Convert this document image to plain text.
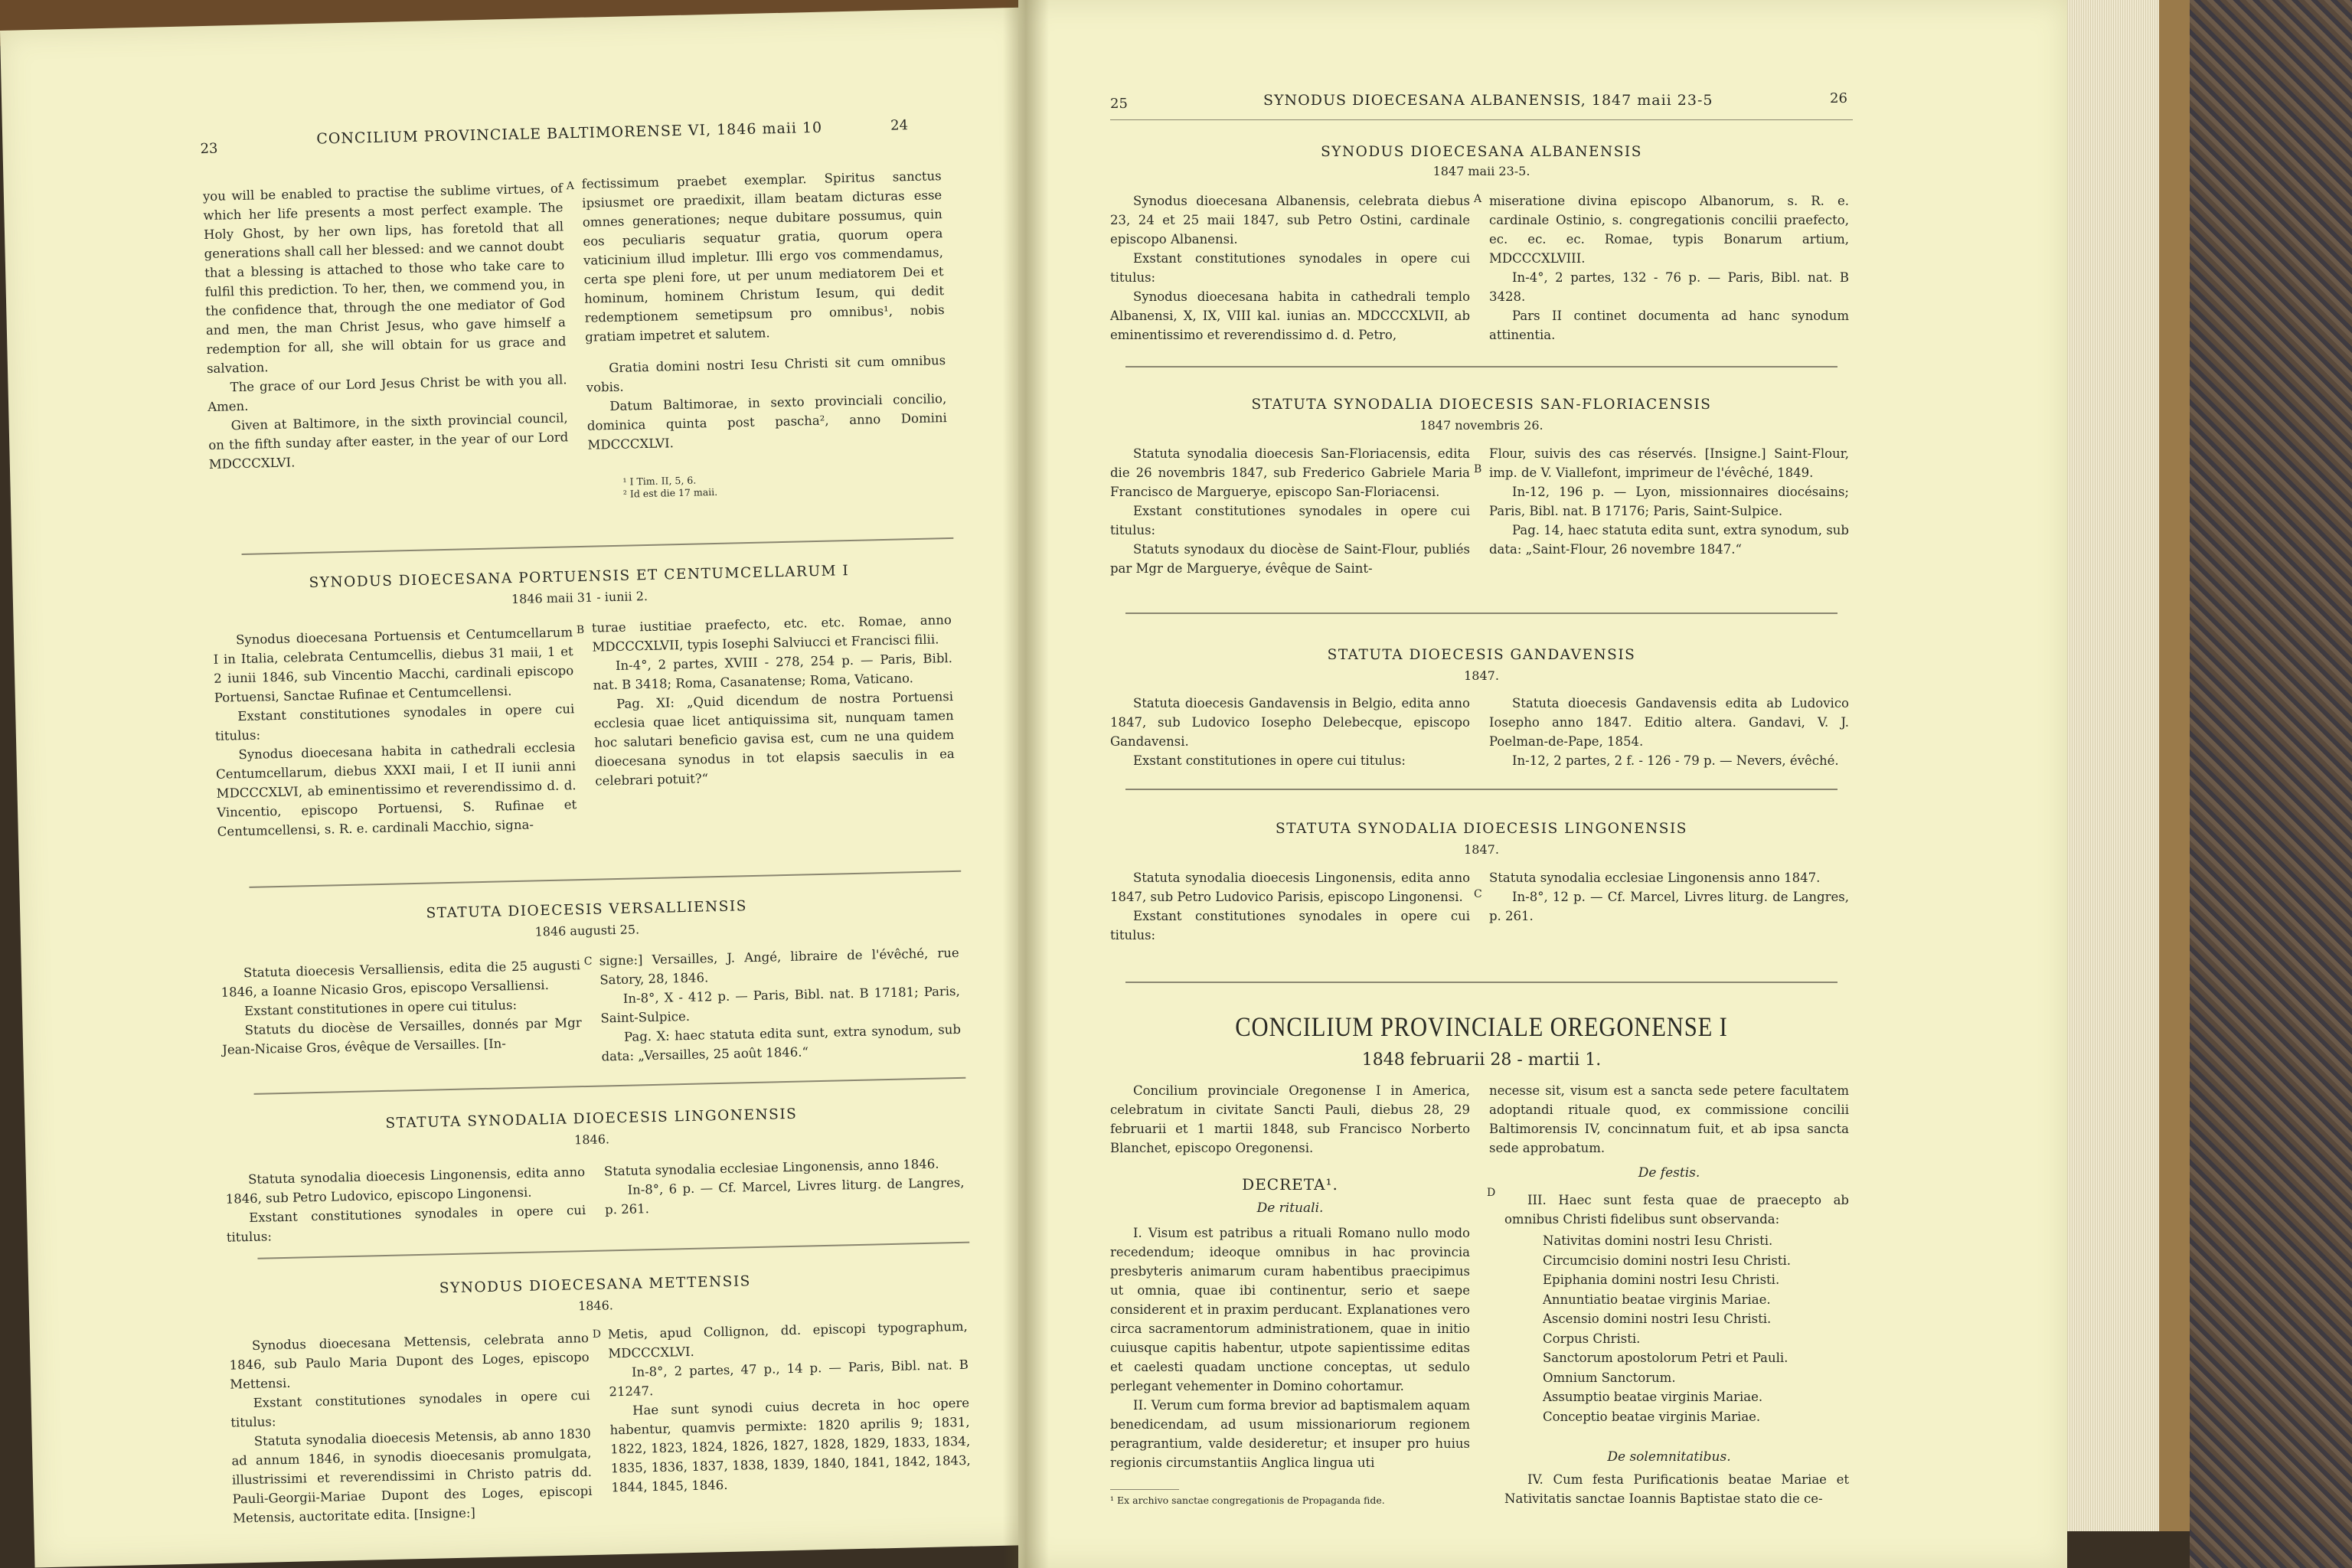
23
CONCILIUM PROVINCIALE BALTIMORENSE VI, 1846 maii 10	24
you will be enabled to practise the sublime virtues, of which her life presents a most perfect example. The Holy Ghost, by her own lips, has foretold that all generations shall call her blessed: and we cannot doubt that a blessing is attached to those who take care to fulfil this prediction. To her, then, we commend you, in the confidence that, through the one mediator of God and men, the man Christ Jesus, who gave himself a redemption for all, she will obtain for us grace and salvation.
The grace of our Lord Jesus Christ be with you all. Amen.
Given at Baltimore, in the sixth provincial council, on the fifth sunday after easter, in the year of our Lord MDCCCXLVI.
A fectissimum praebet exemplar. Spiritus sanctus ipsiusmet ore praedixit, illam beatam dicturas esse omnes generationes; neque dubitare possumus, quin eos peculiaris sequatur gratia, quorum opera vaticinium illud impletur. Illi ergo vos commendamus, certa spe pleni fore, ut per unum mediatorem Dei et hominum, hominem Christum Iesum, qui dedit redemptionem semetipsum pro omnibus¹, nobis gratiam impetret et salutem.
Gratia domini nostri Iesu Christi sit cum omnibus vobis.
Datum Baltimorae, in sexto provinciali concilio, dominica quinta post pascha², anno Domini MDCCCXLVI.
¹ I Tim. II, 5, 6.
² Id est die 17 maii.
SYNODUS DIOECESANA PORTUENSIS ET CENTUMCELLARUM I
1846 maii 31 - iunii 2.
Synodus dioecesana Portuensis et Centumcellarum I in Italia, celebrata Centumcellis, diebus 31 maii, 1 et 2 iunii 1846, sub Vincentio Macchi, cardinali episcopo Portuensi, Sanctae Rufinae et Centumcellensi.
Exstant constitutiones synodales in opere cui titulus:
Synodus dioecesana habita in cathedrali ecclesia Centumcellarum, diebus XXXI maii, I et II iunii anni MDCCCXLVI, ab eminentissimo et reverendissimo d. d. Vincentio, episcopo Portuensi, S. Rufinae et Centumcellensi, s. R. e. cardinali Macchio, signa-
B turae iustitiae praefecto, etc. etc. Romae, anno MDCCCXLVII, typis Iosephi Salviucci et Francisci filii.
In-4°, 2 partes, XVIII - 278, 254 p. — Paris, Bibl. nat. B 3418; Roma, Casanatense; Roma, Vaticano.
Pag. XI: „Quid dicendum de nostra Portuensi ecclesia quae licet antiquissima sit, nunquam tamen hoc salutari beneficio gavisa est, cum ne una quidem dioecesana synodus in tot elapsis saeculis in ea celebrari potuit?“
STATUTA DIOECESIS VERSALLIENSIS
1846 augusti 25.
Statuta dioecesis Versalliensis, edita die 25 augusti 1846, a Ioanne Nicasio Gros, episcopo Versalliensi.
Exstant constitutiones in opere cui titulus:
Statuts du diocèse de Versailles, donnés par Mgr Jean-Nicaise Gros, évêque de Versailles. [In-
C signe:] Versailles, J. Angé, libraire de l'évêché, rue Satory, 28, 1846.
In-8°, X - 412 p. — Paris, Bibl. nat. B 17181; Paris, Saint-Sulpice.
Pag. X: haec statuta edita sunt, extra synodum, sub data: „Versailles, 25 août 1846.“
STATUTA SYNODALIA DIOECESIS LINGONENSIS
1846.
Statuta synodalia dioecesis Lingonensis, edita anno 1846, sub Petro Ludovico, episcopo Lingonensi.
Exstant constitutiones synodales in opere cui titulus:
Statuta synodalia ecclesiae Lingonensis, anno 1846.
In-8°, 6 p. — Cf. Marcel, Livres liturg. de Langres, p. 261.
SYNODUS DIOECESANA METTENSIS
1846.
Synodus dioecesana Mettensis, celebrata anno 1846, sub Paulo Maria Dupont des Loges, episcopo Mettensi.
Exstant constitutiones synodales in opere cui titulus:
Statuta synodalia dioecesis Metensis, ab anno 1830 ad annum 1846, in synodis dioecesanis promulgata, illustrissimi et reverendissimi in Christo patris dd. Pauli-Georgii-Mariae Dupont des Loges, episcopi Metensis, auctoritate edita. [Insigne:]
D Metis, apud Collignon, dd. episcopi typographum, MDCCCXLVI.
In-8°, 2 partes, 47 p., 14 p. — Paris, Bibl. nat. B 21247.
Hae sunt synodi cuius decreta in hoc opere habentur, quamvis permixte: 1820 aprilis 9; 1831, 1822, 1823, 1824, 1826, 1827, 1828, 1829, 1833, 1834, 1835, 1836, 1837, 1838, 1839, 1840, 1841, 1842, 1843, 1844, 1845, 1846.
25	SYNODUS DIOECESANA ALBANENSIS, 1847 maii 23-5	26
SYNODUS DIOECESANA ALBANENSIS
1847 maii 23-5.
Synodus dioecesana Albanensis, celebrata diebus 23, 24 et 25 maii 1847, sub Petro Ostini, cardinale episcopo Albanensi.
Exstant constitutiones synodales in opere cui titulus:
Synodus dioecesana habita in cathedrali templo Albanensi, X, IX, VIII kal. iunias an. MDCCCXLVII, ab eminentissimo et reverendissimo d. d. Petro,
A miseratione divina episcopo Albanorum, s. R. e. cardinale Ostinio, s. congregationis concilii praefecto, ec. ec. ec. Romae, typis Bonarum artium, MDCCCXLVIII.
In-4°, 2 partes, 132 - 76 p. — Paris, Bibl. nat. B 3428.
Pars II continet documenta ad hanc synodum attinentia.
STATUTA SYNODALIA DIOECESIS SAN-FLORIACENSIS
1847 novembris 26.
Statuta synodalia dioecesis San-Floriacensis, edita die 26 novembris 1847, sub Frederico Gabriele Maria Francisco de Marguerye, episcopo San-Floriacensi.
Exstant constitutiones synodales in opere cui titulus:
Statuts synodaux du diocèse de Saint-Flour, publiés par Mgr de Marguerye, évêque de Saint-
B
Flour, suivis des cas réservés. [Insigne.] Saint-Flour, imp. de V. Viallefont, imprimeur de l'évêché, 1849.
In-12, 196 p. — Lyon, missionnaires diocésains; Paris, Bibl. nat. B 17176; Paris, Saint-Sulpice.
Pag. 14, haec statuta edita sunt, extra synodum, sub data: „Saint-Flour, 26 novembre 1847.“
STATUTA DIOECESIS GANDAVENSIS
1847.
Statuta dioecesis Gandavensis in Belgio, edita anno 1847, sub Ludovico Iosepho Delebecque, episcopo Gandavensi.
Exstant constitutiones in opere cui titulus:
Statuta dioecesis Gandavensis edita ab Ludovico Iosepho anno 1847. Editio altera. Gandavi, V. J. Poelman-de-Pape, 1854.
In-12, 2 partes, 2 f. - 126 - 79 p. — Nevers, évêché.
STATUTA SYNODALIA DIOECESIS LINGONENSIS
1847.
Statuta synodalia dioecesis Lingonensis, edita anno 1847, sub Petro Ludovico Parisis, episcopo Lingonensi.
Exstant constitutiones synodales in opere cui titulus:
C
Statuta synodalia ecclesiae Lingonensis anno 1847.
In-8°, 12 p. — Cf. Marcel, Livres liturg. de Langres, p. 261.
CONCILIUM PROVINCIALE OREGONENSE I
1848 februarii 28 - martii 1.
Concilium provinciale Oregonense I in America, celebratum in civitate Sancti Pauli, diebus 28, 29 februarii et 1 martii 1848, sub Francisco Norberto Blanchet, episcopo Oregonensi.
necesse sit, visum est a sancta sede petere facultatem adoptandi rituale quod, ex commissione concilii Baltimorensis IV, concinnatum fuit, et ab ipsa sancta sede approbatum.
DECRETA¹.
De rituali.
I. Visum est patribus a rituali Romano nullo modo recedendum; ideoque omnibus in hac provincia presbyteris animarum curam habentibus praecipimus ut omnia, quae ibi continentur, serio et saepe considerent et in praxim perducant. Explanationes vero circa sacramentorum administrationem, quae in initio cuiusque capitis habentur, utpote sapientissime editas et caelesti quadam unctione conceptas, ut sedulo perlegant vehementer in Domino cohortamur.
II. Verum cum forma brevior ad baptismalem aquam benedicendam, ad usum missionariorum regionem peragrantium, valde desideretur; et insuper pro huius regionis circumstantiis Anglica lingua uti
¹ Ex archivo sanctae congregationis de Propaganda fide.
D
De festis.
III. Haec sunt festa quae de praecepto ab omnibus Christi fidelibus sunt observanda:
Nativitas domini nostri Iesu Christi.
Circumcisio domini nostri Iesu Christi.
Epiphania domini nostri Iesu Christi.
Annuntiatio beatae virginis Mariae.
Ascensio domini nostri Iesu Christi.
Corpus Christi.
Sanctorum apostolorum Petri et Pauli.
Omnium Sanctorum.
Assumptio beatae virginis Mariae.
Conceptio beatae virginis Mariae.
De solemnitatibus.
IV. Cum festa Purificationis beatae Mariae et Nativitatis sanctae Ioannis Baptistae stato die ce-
